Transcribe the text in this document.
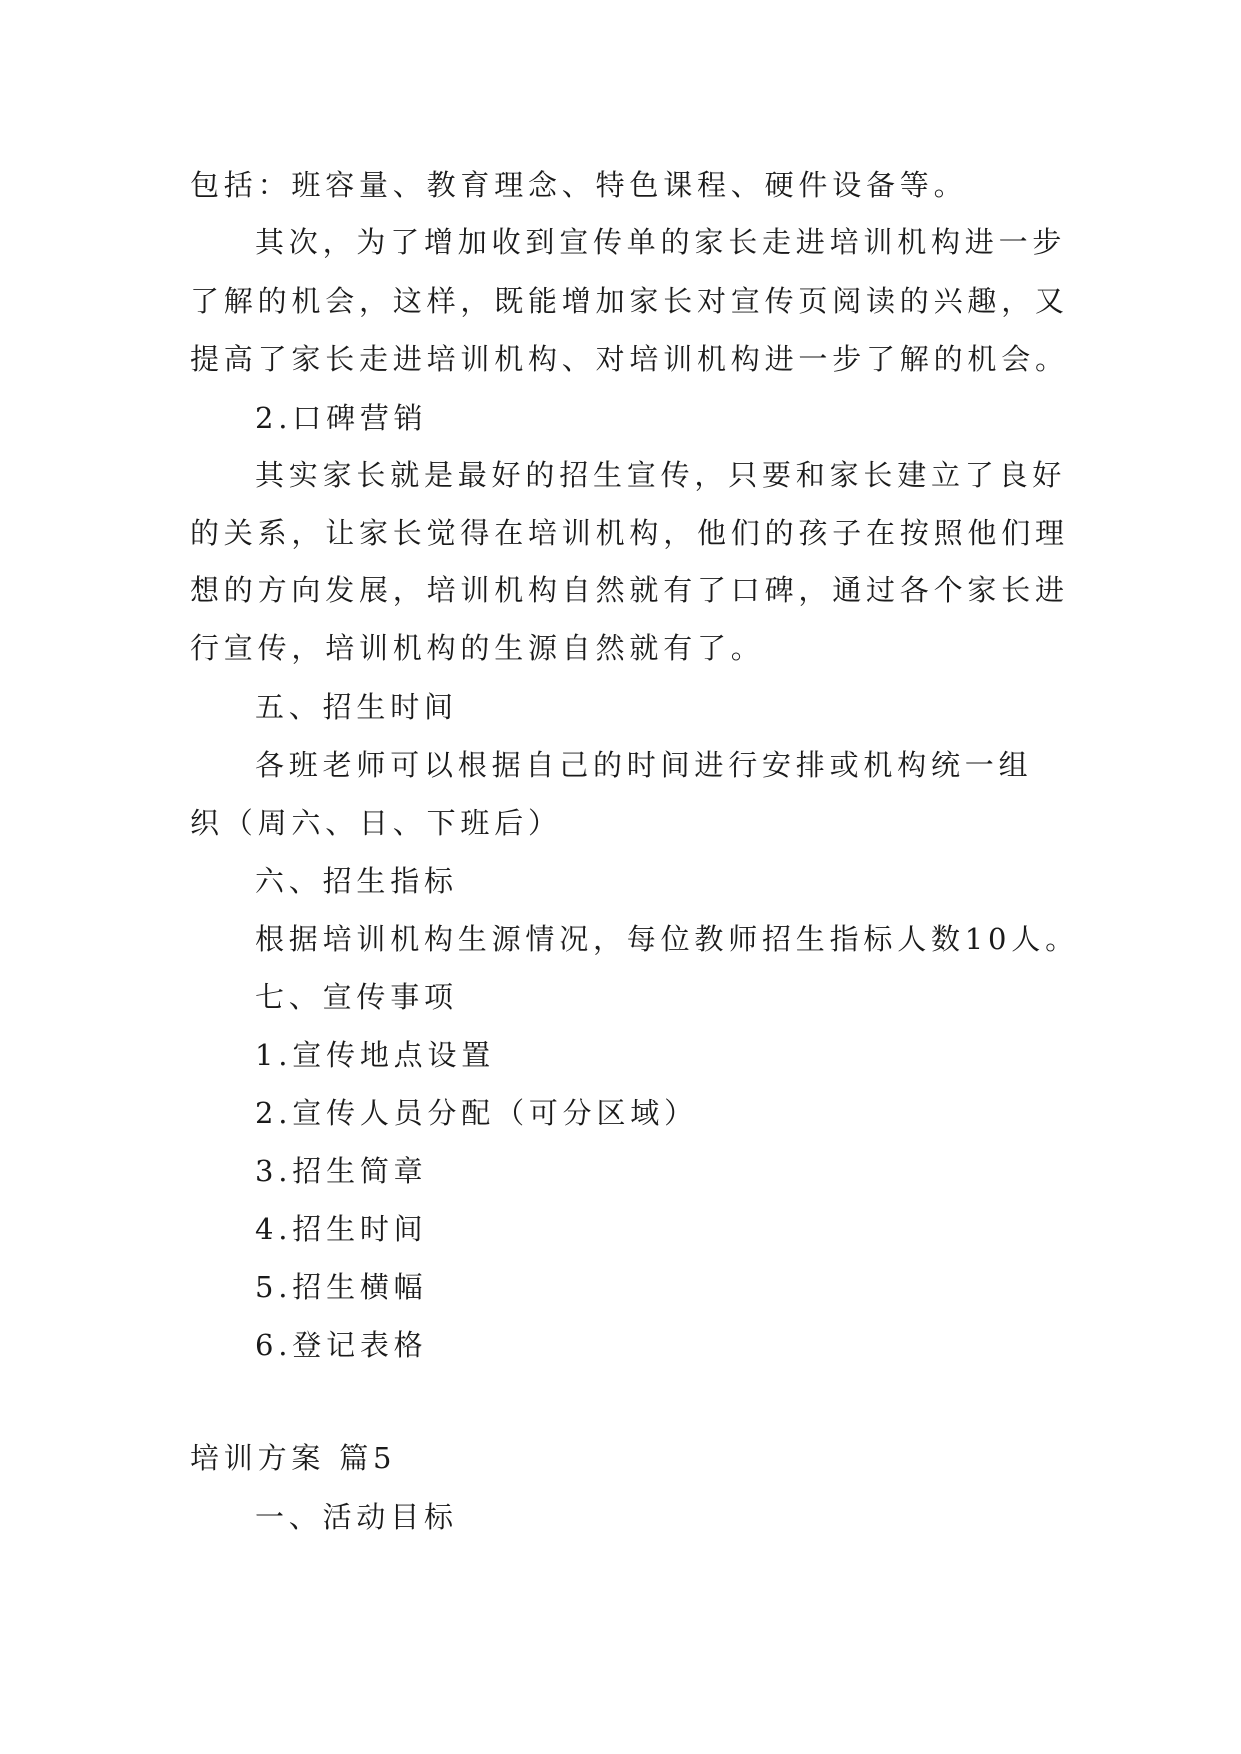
包括：班容量、教育理念、特色课程、硬件设备等。
其次，为了增加收到宣传单的家长走进培训机构进一步
了解的机会，这样，既能增加家长对宣传页阅读的兴趣，又
提高了家长走进培训机构、对培训机构进一步了解的机会。
2.口碑营销
其实家长就是最好的招生宣传，只要和家长建立了良好
的关系，让家长觉得在培训机构，他们的孩子在按照他们理
想的方向发展，培训机构自然就有了口碑，通过各个家长进
行宣传，培训机构的生源自然就有了。
五、招生时间
各班老师可以根据自己的时间进行安排或机构统一组
织（周六、日、下班后）
六、招生指标
根据培训机构生源情况，每位教师招生指标人数10人。
七、宣传事项
1.宣传地点设置
2.宣传人员分配（可分区域）
3.招生简章
4.招生时间
5.招生横幅
6.登记表格
培训方案 篇5
一、活动目标
